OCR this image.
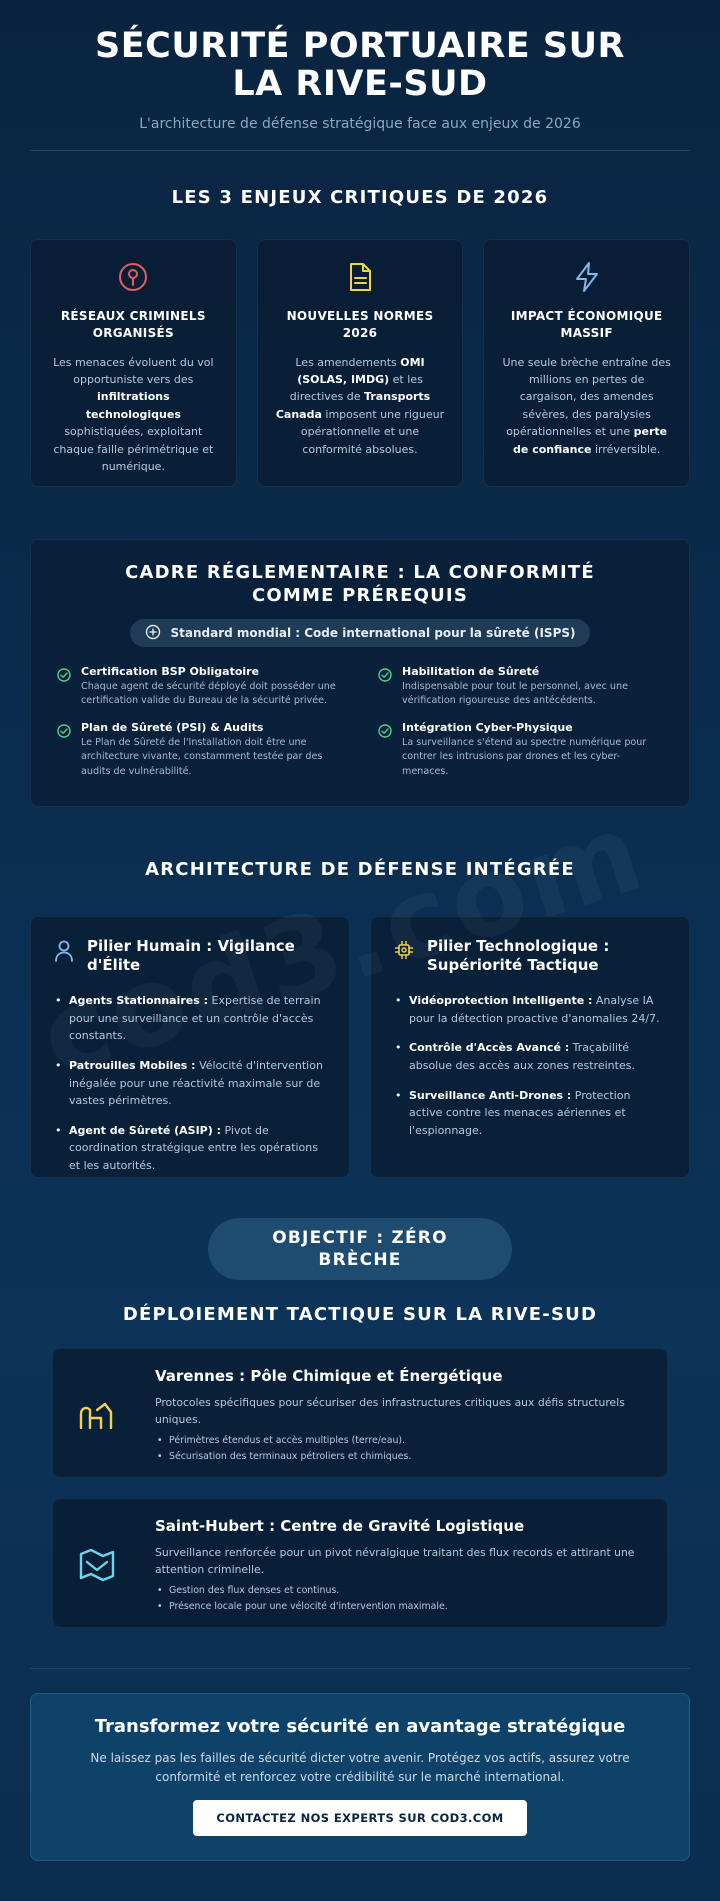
SÉCURITÉ PORTUAIRE SUR LA RIVE-SUD
L'architecture de défense stratégique face aux enjeux de 2026
LES 3 ENJEUX CRITIQUES DE 2026
RÉSEAUX CRIMINELS ORGANISÉS

Les menaces évoluent du vol opportuniste vers des infiltrations technologiques sophistiquées, exploitant chaque faille périmétrique et numérique.

NOUVELLES NORMES 2026

Les amendements OMI (SOLAS, IMDG) et les directives de Transports Canada imposent une rigueur opérationnelle et une conformité absolues.

IMPACT ÉCONOMIQUE MASSIF

Une seule brèche entraîne des millions en pertes de cargaison, des amendes sévères, des paralysies opérationnelles et une perte de confiance irréversible.

CADRE RÉGLEMENTAIRE : LA CONFORMITÉ COMME PRÉREQUIS
Standard mondial : Code international pour la sûreté (ISPS)
Certification BSP Obligatoire

Chaque agent de sécurité déployé doit posséder une certification valide du Bureau de la sécurité privée.

Habilitation de Sûreté

Indispensable pour tout le personnel, avec une vérification rigoureuse des antécédents.

Plan de Sûreté (PSI) & Audits

Le Plan de Sûreté de l'Installation doit être une architecture vivante, constamment testée par des audits de vulnérabilité.

Intégration Cyber-Physique

La surveillance s'étend au spectre numérique pour contrer les intrusions par drones et les cyber-menaces.

ARCHITECTURE DE DÉFENSE INTÉGRÉE
Pilier Humain : Vigilance d'Élite
• Agents Stationnaires : Expertise de terrain pour une surveillance et un contrôle d'accès constants.
• Patrouilles Mobiles : Vélocité d'intervention inégalée pour une réactivité maximale sur de vastes périmètres.
• Agent de Sûreté (ASIP) : Pivot de coordination stratégique entre les opérations et les autorités.
Pilier Technologique : Supériorité Tactique
• Vidéoprotection Intelligente : Analyse IA pour la détection proactive d'anomalies 24/7.
• Contrôle d'Accès Avancé : Traçabilité absolue des accès aux zones restreintes.
• Surveillance Anti-Drones : Protection active contre les menaces aériennes et l'espionnage.
OBJECTIF : ZÉRO BRÈCHE
DÉPLOIEMENT TACTIQUE SUR LA RIVE-SUD
Varennes : Pôle Chimique et Énergétique

Protocoles spécifiques pour sécuriser des infrastructures critiques aux défis structurels uniques.

• Périmètres étendus et accès multiples (terre/eau).
• Sécurisation des terminaux pétroliers et chimiques.
Saint-Hubert : Centre de Gravité Logistique

Surveillance renforcée pour un pivot névralgique traitant des flux records et attirant une attention criminelle.

• Gestion des flux denses et continus.
• Présence locale pour une vélocité d'intervention maximale.
Transformez votre sécurité en avantage stratégique

Ne laissez pas les failles de sécurité dicter votre avenir. Protégez vos actifs, assurez votre conformité et renforcez votre crédibilité sur le marché international.

CONTACTEZ NOS EXPERTS SUR COD3.COM
